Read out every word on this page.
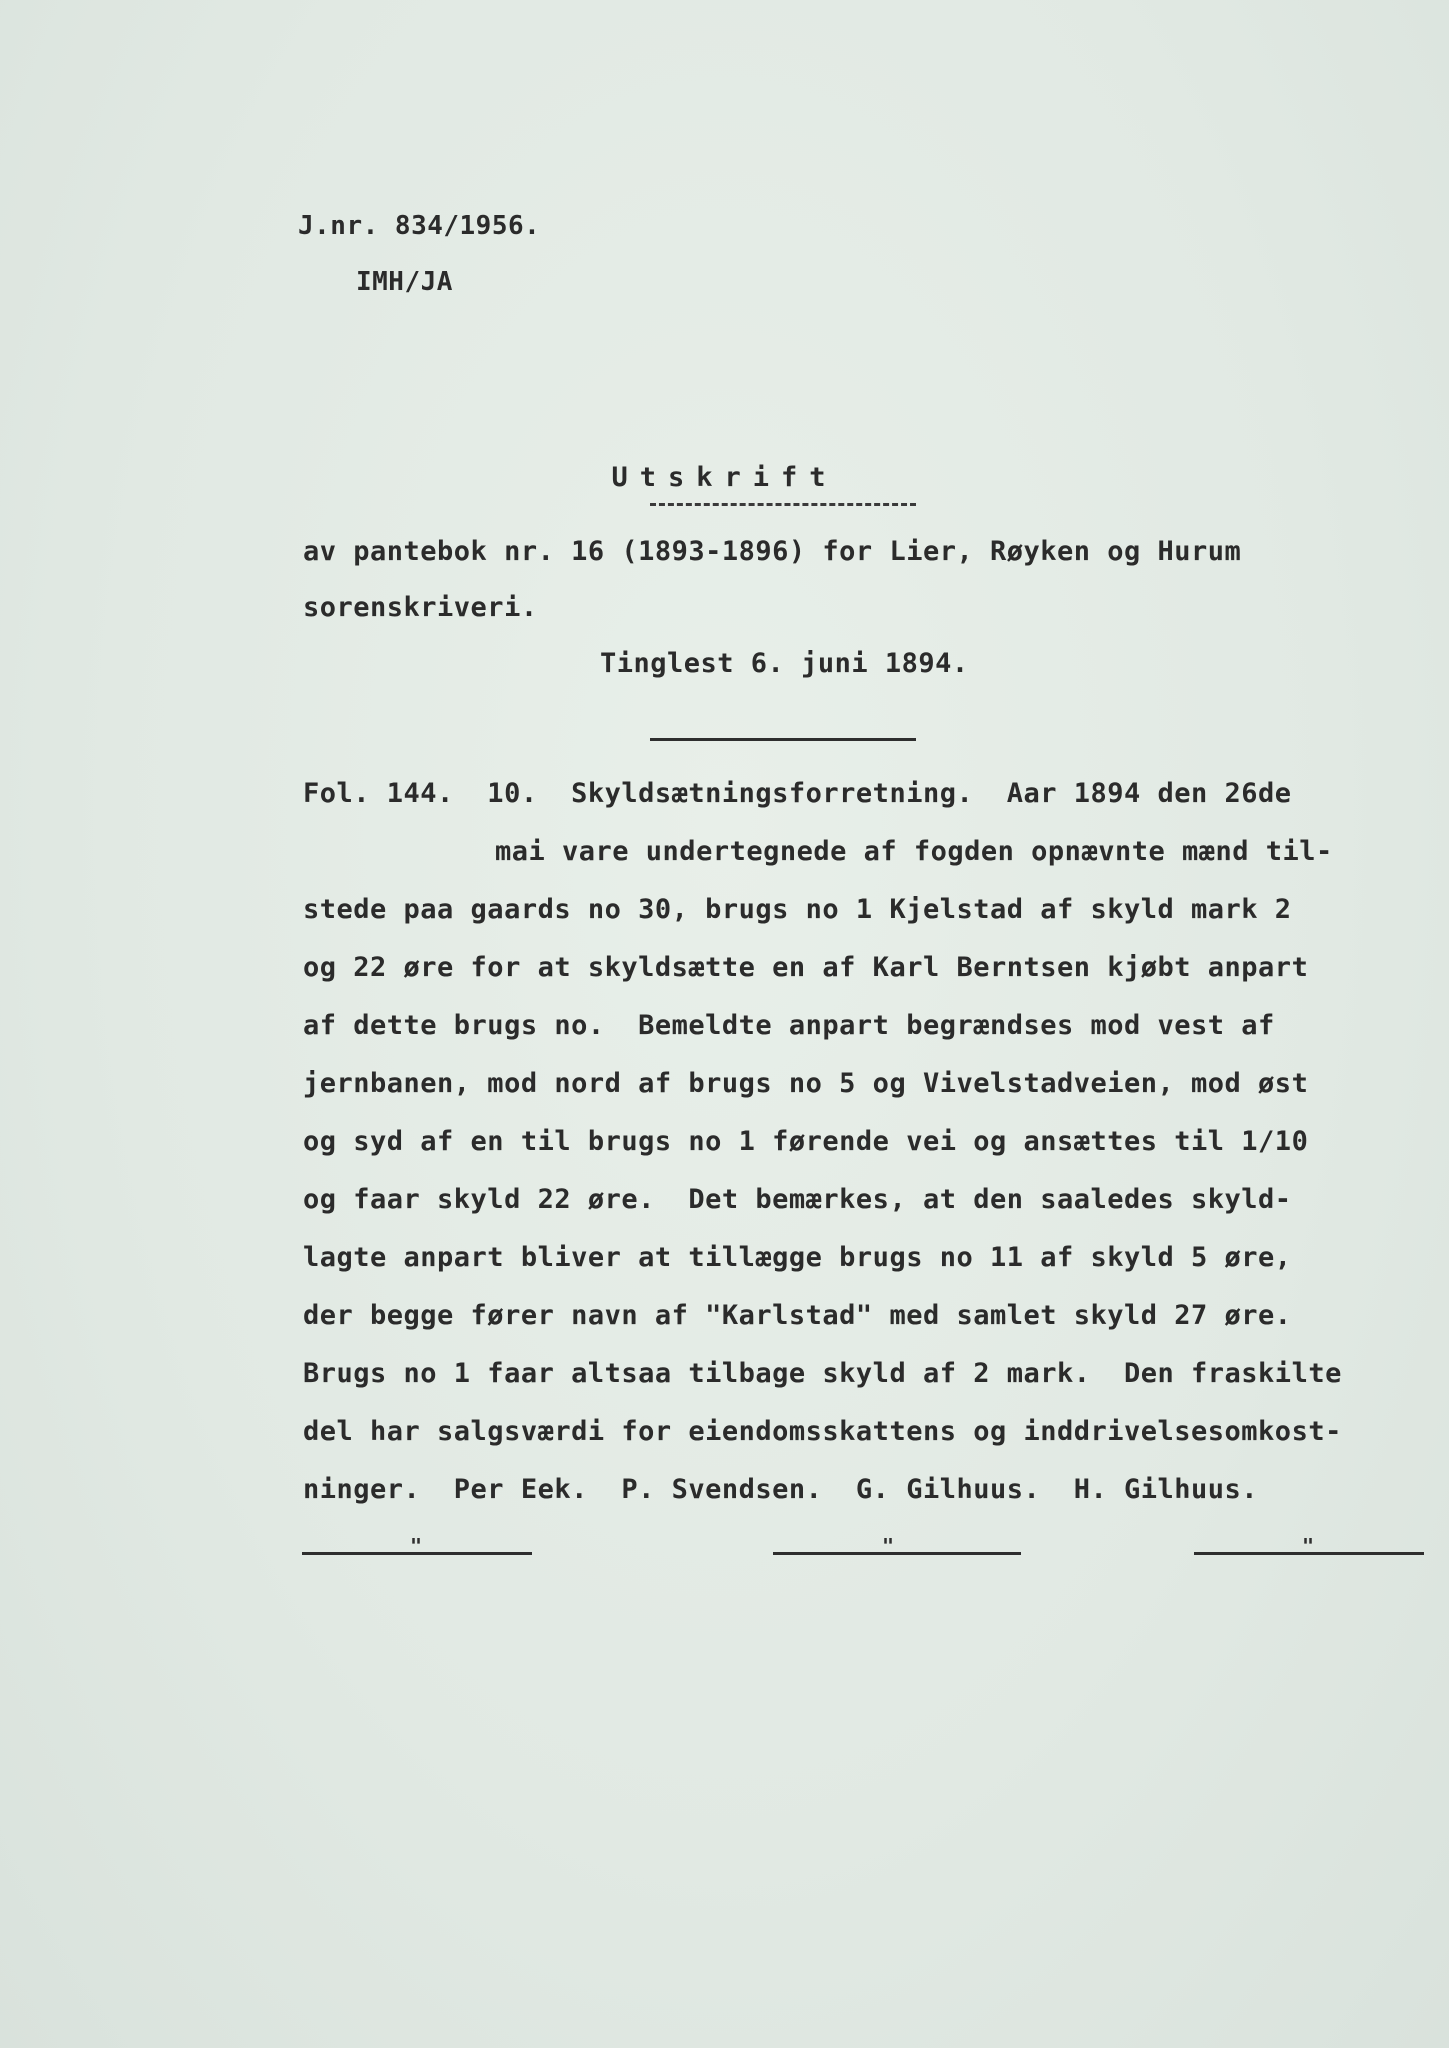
J.nr. 834/1956.
IMH/JA
Utskrift
av pantebok nr. 16 (1893-1896) for Lier, Røyken og Hurum
sorenskriveri.
Tinglest 6. juni 1894.
Fol. 144.  10.  Skyldsætningsforretning.  Aar 1894 den 26de
mai vare undertegnede af fogden opnævnte mænd til-
stede paa gaards no 30, brugs no 1 Kjelstad af skyld mark 2
og 22 øre for at skyldsætte en af Karl Berntsen kjøbt anpart
af dette brugs no.  Bemeldte anpart begrændses mod vest af
jernbanen, mod nord af brugs no 5 og Vivelstadveien, mod øst
og syd af en til brugs no 1 førende vei og ansættes til 1/10
og faar skyld 22 øre.  Det bemærkes, at den saaledes skyld-
lagte anpart bliver at tillægge brugs no 11 af skyld 5 øre,
der begge fører navn af "Karlstad" med samlet skyld 27 øre.
Brugs no 1 faar altsaa tilbage skyld af 2 mark.  Den fraskilte
del har salgsværdi for eiendomsskattens og inddrivelsesomkost-
ninger.  Per Eek.  P. Svendsen.  G. Gilhuus.  H. Gilhuus.
"	"	"
